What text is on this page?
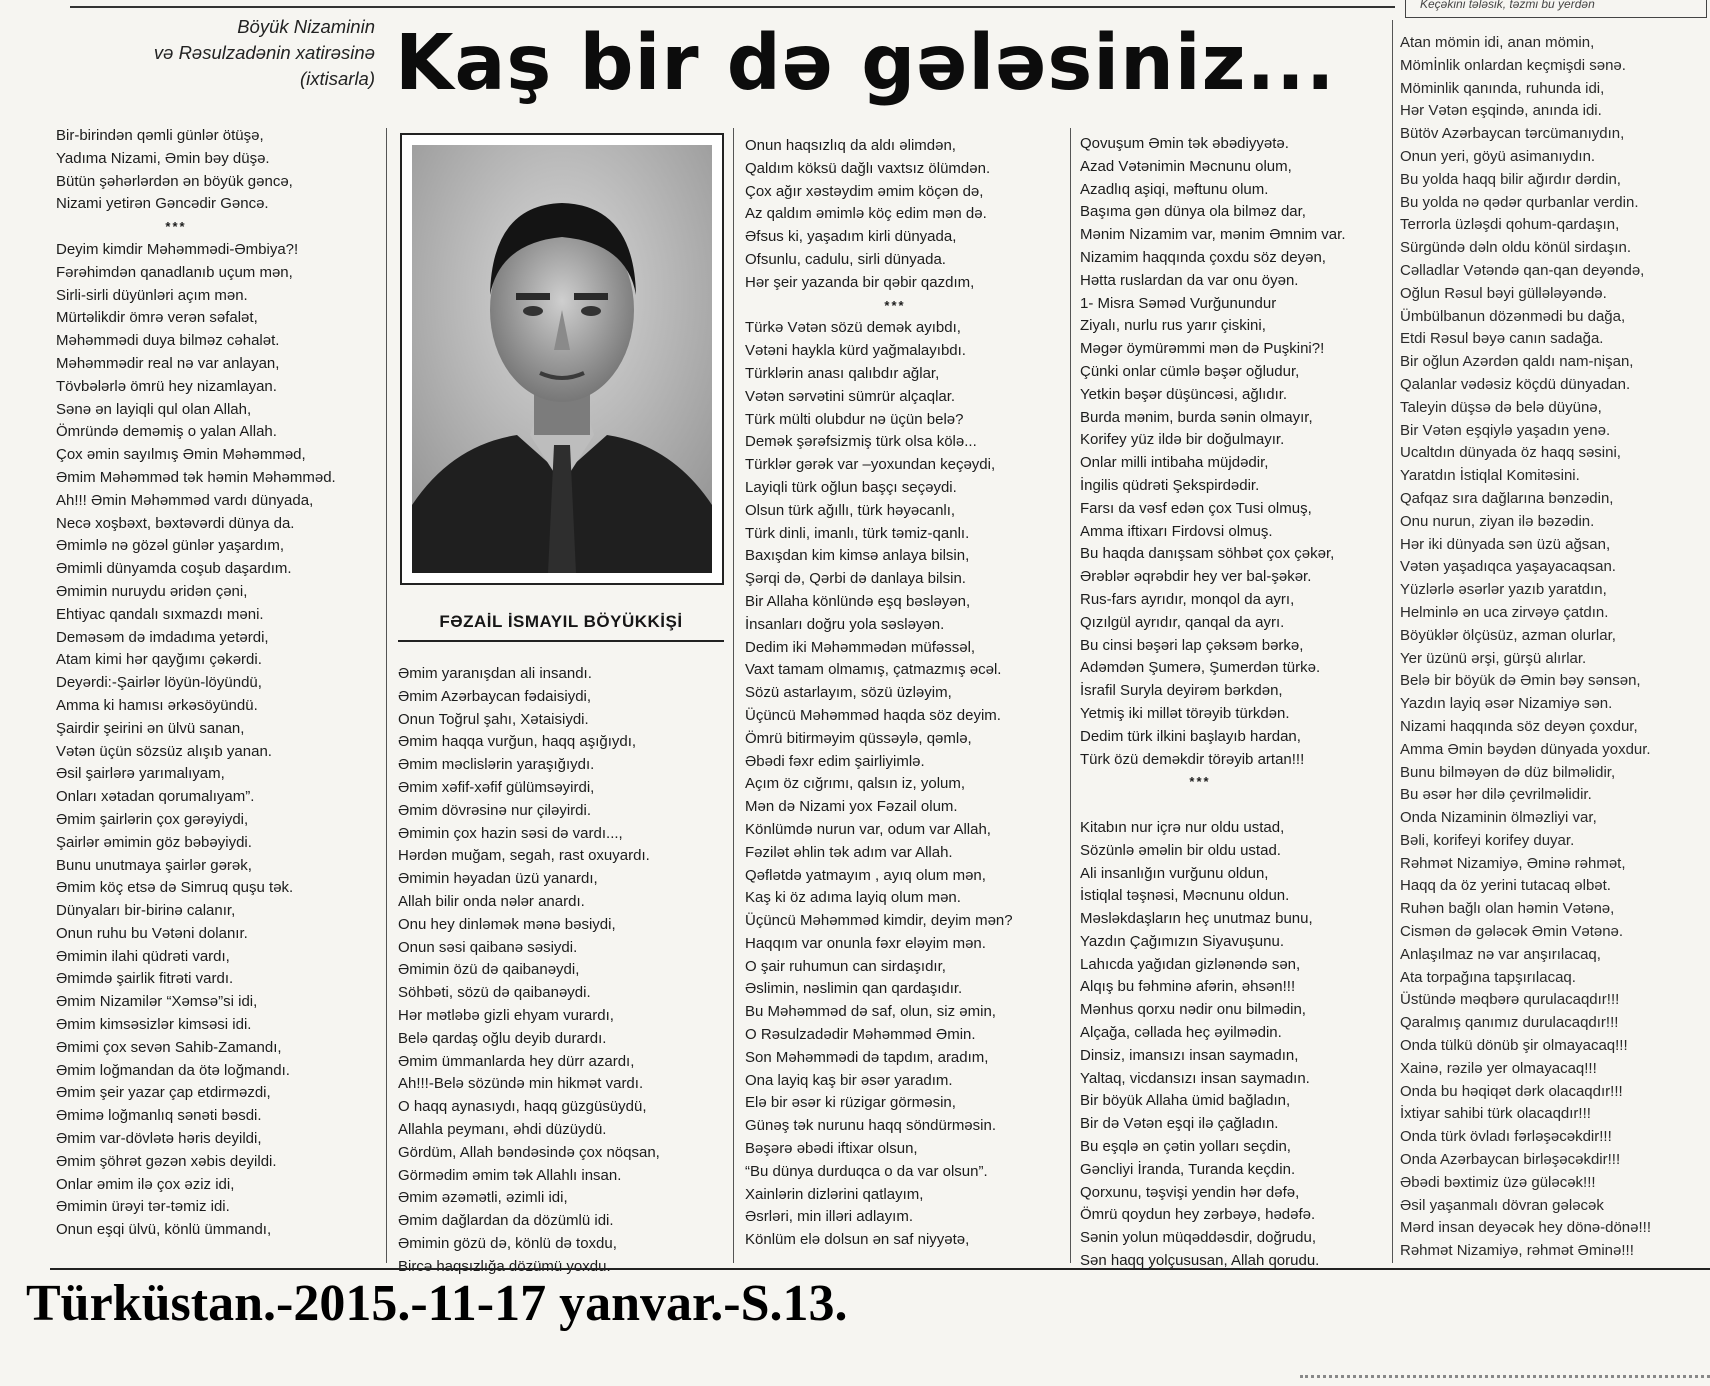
Keçəkini tələsik, təzmi bu yerdən
Böyük Nizaminin
və Rəsulzadənin xatirəsinə
(ixtisarla) Kaş bir də gələsiniz...
Bir-birindən qəmli günlər ötüşə,
Yadıma Nizami, Əmin bəy düşə.
Bütün şəhərlərdən ən böyük gəncə,
Nizami yetirən Gəncədir Gəncə.
***
Deyim kimdir Məhəmmədi-Əmbiya?!
Fərəhimdən qanadlanıb uçum mən,
Sirli-sirli düyünləri açım mən.
Mürtəlikdir ömrə verən səfalət,
Məhəmmədi duya bilməz cəhalət.
Məhəmmədir real nə var anlayan,
Tövbələrlə ömrü hey nizamlayan.
Sənə ən layiqli qul olan Allah,
Ömründə deməmiş o yalan Allah.
Çox əmin sayılmış Əmin Məhəmməd,
Əmim Məhəmməd tək həmin Məhəmməd.
Ah!!! Əmin Məhəmməd vardı dünyada,
Necə xoşbəxt, bəxtəvərdi dünya da.
Əmimlə nə gözəl günlər yaşardım,
Əmimli dünyamda coşub daşardım.
Əmimin nuruydu əridən çəni,
Ehtiyac qandalı sıxmazdı məni.
Deməsəm də imdadıma yetərdi,
Atam kimi hər qayğımı çəkərdi.
Deyərdi:-Şairlər löyün-löyündü,
Amma ki hamısı ərkəsöyündü.
Şairdir şeirini ən ülvü sanan,
Vətən üçün sözsüz alışıb yanan.
Əsil şairlərə yarımalıyam,
Onları xətadan qorumalıyam”.
Əmim şairlərin çox gərəyiydi,
Şairlər əmimin göz bəbəyiydi.
Bunu unutmaya şairlər gərək,
Əmim köç etsə də Simruq quşu tək.
Dünyaları bir-birinə calanır,
Onun ruhu bu Vətəni dolanır.
Əmimin ilahi qüdrəti vardı,
Əmimdə şairlik fitrəti vardı.
Əmim Nizamilər “Xəmsə”si idi,
Əmim kimsəsizlər kimsəsi idi.
Əmimi çox sevən Sahib-Zamandı,
Əmim loğmandan da ötə loğmandı.
Əmim şeir yazar çap etdirməzdi,
Əmimə loğmanlıq sənəti bəsdi.
Əmim var-dövlətə həris deyildi,
Əmim şöhrət gəzən xəbis deyildi.
Onlar əmim ilə çox əziz idi,
Əmimin ürəyi tər-təmiz idi.
Onun eşqi ülvü, könlü ümmandı,
FƏZAİL İSMAYIL BÖYÜKKİŞİ
Əmim yaranışdan ali insandı.
Əmim Azərbaycan fədaisiydi,
Onun Toğrul şahı, Xətaisiydi.
Əmim haqqa vurğun, haqq aşığıydı,
Əmim məclislərin yaraşığıydı.
Əmim xəfif-xəfif gülümsəyirdi,
Əmim dövrəsinə nur çiləyirdi.
Əmimin çox hazin səsi də vardı...,
Hərdən muğam, segah, rast oxuyardı.
Əmimin həyadan üzü yanardı,
Allah bilir onda nələr anardı.
Onu hey dinləmək mənə bəsiydi,
Onun səsi qaibanə səsiydi.
Əmimin özü də qaibanəydi,
Söhbəti, sözü də qaibanəydi.
Hər mətləbə gizli ehyam vurardı,
Belə qardaş oğlu deyib durardı.
Əmim ümmanlarda hey dürr azardı,
Ah!!!-Belə sözündə min hikmət vardı.
O haqq aynasıydı, haqq güzgüsüydü,
Allahla peymanı, əhdi düzüydü.
Gördüm, Allah bəndəsində çox nöqsan,
Görmədim əmim tək Allahlı insan.
Əmim əzəmətli, əzimli idi,
Əmim dağlardan da dözümlü idi.
Əmimin gözü də, könlü də toxdu,
Bircə haqsızlığa dözümü yoxdu.
Onun haqsızlıq da aldı əlimdən,
Qaldım köksü dağlı vaxtsız ölümdən.
Çox ağır xəstəydim əmim köçən də,
Az qaldım əmimlə köç edim mən də.
Əfsus ki, yaşadım kirli dünyada,
Ofsunlu, cadulu, sirli dünyada.
Hər şeir yazanda bir qəbir qazdım,
***
Türkə Vətən sözü demək ayıbdı,
Vətəni haykla kürd yağmalayıbdı.
Türklərin anası qalıbdır ağlar,
Vətən sərvətini sümrür alçaqlar.
Türk mülti olubdur nə üçün belə?
Demək şərəfsizmiş türk olsa kölə...
Türklər gərək var –yoxundan keçəydi,
Layiqli türk oğlun başçı seçəydi.
Olsun türk ağıllı, türk həyəcanlı,
Türk dinli, imanlı, türk təmiz-qanlı.
Baxışdan kim kimsə anlaya bilsin,
Şərqi də, Qərbi də danlaya bilsin.
Bir Allaha könlündə eşq bəsləyən,
İnsanları doğru yola səsləyən.
Dedim iki Məhəmmədən müfəssəl,
Vaxt tamam olmamış, çatmazmış əcəl.
Sözü astarlayım, sözü üzləyim,
Üçüncü Məhəmməd haqda söz deyim.
Ömrü bitirməyim qüssəylə, qəmlə,
Əbədi fəxr edim şairliyimlə.
Açım öz cığrımı, qalsın iz, yolum,
Mən də Nizami yox Fəzail olum.
Könlümdə nurun var, odum var Allah,
Fəzilət əhlin tək adım var Allah.
Qəflətdə yatmayım , ayıq olum mən,
Kaş ki öz adıma layiq olum mən.
Üçüncü Məhəmməd kimdir, deyim mən?
Haqqım var onunla fəxr eləyim mən.
O şair ruhumun can sirdaşıdır,
Əslimin, nəslimin qan qardaşıdır.
Bu Məhəmməd də saf, olun, siz əmin,
O Rəsulzadədir Məhəmməd Əmin.
Son Məhəmmədi də tapdım, aradım,
Ona layiq kaş bir əsər yaradım.
Elə bir əsər ki rüzigar görməsin,
Günəş tək nurunu haqq söndürməsin.
Bəşərə əbədi iftixar olsun,
“Bu dünya durduqca o da var olsun”.
Xainlərin dizlərini qatlayım,
Əsrləri, min illəri adlayım.
Könlüm elə dolsun ən saf niyyətə,
Qovuşum Əmin tək əbədiyyətə.
Azad Vətənimin Məcnunu olum,
Azadlıq aşiqi, məftunu olum.
Başıma gən dünya ola bilməz dar,
Mənim Nizamim var, mənim Əmnim var.
Nizamim haqqında çoxdu söz deyən,
Hətta ruslardan da var onu öyən.
1- Misra Səməd Vurğunundur
Ziyalı, nurlu rus yarır çiskini,
Məgər öymürəmmi mən də Puşkini?!
Çünki onlar cümlə bəşər oğludur,
Yetkin bəşər düşüncəsi, ağlıdır.
Burda mənim, burda sənin olmayır,
Korifey yüz ildə bir doğulmayır.
Onlar milli intibaha müjdədir,
İngilis qüdrəti Şekspirdədir.
Farsı da vəsf edən çox Tusi olmuş,
Amma iftixarı Firdovsi olmuş.
Bu haqda danışsam söhbət çox çəkər,
Ərəblər əqrəbdir hey ver bal-şəkər.
Rus-fars ayrıdır, monqol da ayrı,
Qızılgül ayrıdır, qanqal da ayrı.
Bu cinsi bəşəri lap çəksəm bərkə,
Adəmdən Şumerə, Şumerdən türkə.
İsrafil Suryla deyirəm bərkdən,
Yetmiş iki millət törəyib türkdən.
Dedim türk ilkini başlayıb hardan,
Türk özü deməkdir törəyib artan!!!
***
Kitabın nur içrə nur oldu ustad,
Sözünlə əməlin bir oldu ustad.
Ali insanlığın vurğunu oldun,
İstiqlal təşnəsi, Məcnunu oldun.
Məsləkdaşların heç unutmaz bunu,
Yazdın Çağımızın Siyavuşunu.
Lahıcda yağıdan gizlənəndə sən,
Alqış bu fəhminə afərin, əhsən!!!
Mənhus qorxu nədir onu bilmədin,
Alçağa, cəllada heç əyilmədin.
Dinsiz, imansızı insan saymadın,
Yaltaq, vicdansızı insan saymadın.
Bir böyük Allaha ümid bağladın,
Bir də Vətən eşqi ilə çağladın.
Bu eşqlə ən çətin yolları seçdin,
Gəncliyi İranda, Turanda keçdin.
Qorxunu, təşvişi yendin hər dəfə,
Ömrü qoydun hey zərbəyə, hədəfə.
Sənin yolun müqəddəsdir, doğrudu,
Sən haqq yolçususan, Allah qorudu.
Atan mömin idi, anan mömin,
Mömİnlik onlardan keçmişdi sənə.
Möminlik qanında, ruhunda idi,
Hər Vətən eşqində, anında idi.
Bütöv Azərbaycan tərcümanıydın,
Onun yeri, göyü asimanıydın.
Bu yolda haqq bilir ağırdır dərdin,
Bu yolda nə qədər qurbanlar verdin.
Terrorla üzləşdi qohum-qardaşın,
Sürgündə dəln oldu könül sirdaşın.
Cəlladlar Vətəndə qan-qan deyəndə,
Oğlun Rəsul bəyi güllələyəndə.
Ümbülbanun dözənmədi bu dağa,
Etdi Rəsul bəyə canın sadağa.
Bir oğlun Azərdən qaldı nam-nişan,
Qalanlar vədəsiz köçdü dünyadan.
Taleyin düşsə də belə düyünə,
Bir Vətən eşqiylə yaşadın yenə.
Ucaltdın dünyada öz haqq səsini,
Yaratdın İstiqlal Komitəsini.
Qafqaz sıra dağlarına bənzədin,
Onu nurun, ziyan ilə bəzədin.
Hər iki dünyada sən üzü ağsan,
Vətən yaşadıqca yaşayacaqsan.
Yüzlərlə əsərlər yazıb yaratdın,
Helminlə ən uca zirvəyə çatdın.
Böyüklər ölçüsüz, azman olurlar,
Yer üzünü ərşi, gürşü alırlar.
Belə bir böyük də Əmin bəy sənsən,
Yazdın layiq əsər Nizamiyə sən.
Nizami haqqında söz deyən çoxdur,
Amma Əmin bəydən dünyada yoxdur.
Bunu bilməyən də düz bilməlidir,
Bu əsər hər dilə çevrilməlidir.
Onda Nizaminin ölməzliyi var,
Bəli, korifeyi korifey duyar.
Rəhmət Nizamiyə, Əminə rəhmət,
Haqq da öz yerini tutacaq əlbət.
Ruhən bağlı olan həmin Vətənə,
Cismən də gələcək Əmin Vətənə.
Anlaşılmaz nə var anşırılacaq,
Ata torpağına tapşırılacaq.
Üstündə məqbərə qurulacaqdır!!!
Qaralmış qanımız durulacaqdır!!!
Onda tülkü dönüb şir olmayacaq!!!
Xainə, rəzilə yer olmayacaq!!!
Onda bu həqiqət dərk olacaqdır!!!
İxtiyar sahibi türk olacaqdır!!!
Onda türk övladı fərləşəcəkdir!!!
Onda Azərbaycan birləşəcəkdir!!!
Əbədi bəxtimiz üzə güləcək!!!
Əsil yaşanmalı dövran gələcək
Mərd insan deyəcək hey dönə-dönə!!!
Rəhmət Nizamiyə, rəhmət Əminə!!!
Türküstan.-2015.-11-17 yanvar.-S.13.
